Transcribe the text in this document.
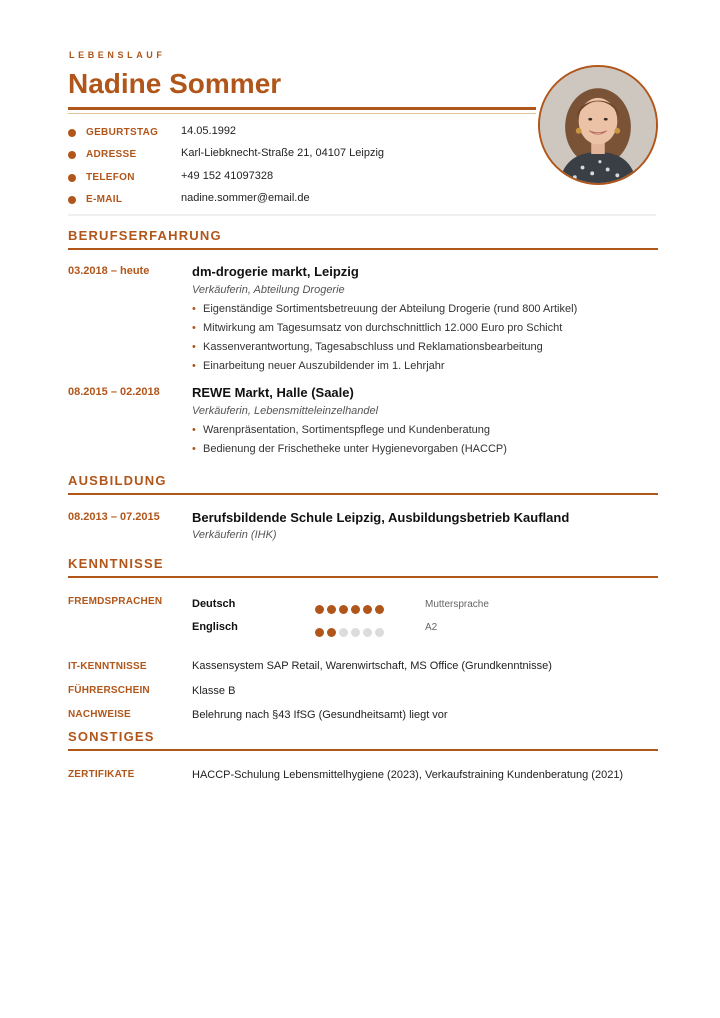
LEBENSLAUF
Nadine Sommer
GEBURTSTAG 14.05.1992
ADRESSE	Karl-Liebknecht-Straße 21, 04107 Leipzig
TELEFON	+49 152 41097328
E-MAIL	nadine.sommer@email.de
BERUFSERFAHRUNG
03.2018 – heute	dm-drogerie markt, Leipzig
Verkäuferin, Abteilung Drogerie
• Eigenständige Sortimentsbetreuung der Abteilung Drogerie (rund 800 Artikel)
• Mitwirkung am Tagesumsatz von durchschnittlich 12.000 Euro pro Schicht
• Kassenverantwortung, Tagesabschluss und Reklamationsbearbeitung
• Einarbeitung neuer Auszubildender im 1. Lehrjahr
08.2015 – 02.2018 REWE Markt, Halle (Saale)
Verkäuferin, Lebensmitteleinzelhandel
• Warenpräsentation, Sortimentspflege und Kundenberatung
• Bedienung der Frischetheke unter Hygienevorgaben (HACCP)
AUSBILDUNG
08.2013 – 07.2015 Berufsbildende Schule Leipzig, Ausbildungsbetrieb Kaufland
Verkäuferin (IHK)
KENNTNISSE
FREMDSPRACHEN	Deutsch	Muttersprache
Englisch	A2
IT-KENNTNISSE	Kassensystem SAP Retail, Warenwirtschaft, MS Office (Grundkenntnisse)
FÜHRERSCHEIN	Klasse B
NACHWEISE	Belehrung nach §43 IfSG (Gesundheitsamt) liegt vor
SONSTIGES
ZERTIFIKATE	HACCP-Schulung Lebensmittelhygiene (2023), Verkaufstraining Kundenberatung (2021)
